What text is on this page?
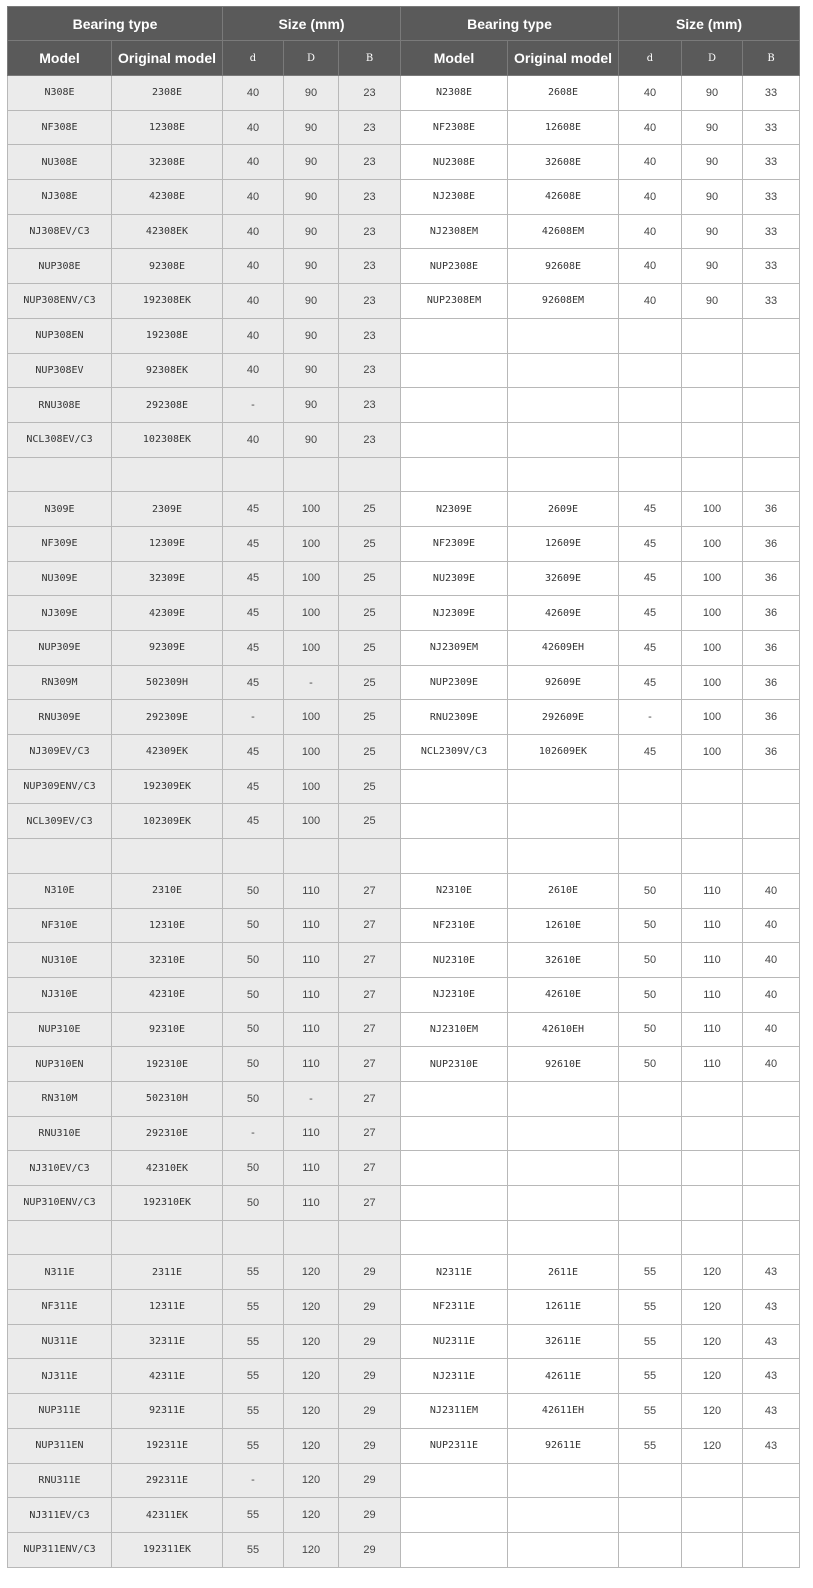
Bearing type		Size (mm)			Bearing type		Size (mm)		
Model	Original model	d	D	B	Model	Original model	d	D	B
N308E	2308E	40	90	23	N2308E	2608E	40	90	33
NF308E	12308E	40	90	23	NF2308E	12608E	40	90	33
NU308E	32308E	40	90	23	NU2308E	32608E	40	90	33
NJ308E	42308E	40	90	23	NJ2308E	42608E	40	90	33
NJ308EV/C3	42308EK	40	90	23	NJ2308EM	42608EM	40	90	33
NUP308E	92308E	40	90	23	NUP2308E	92608E	40	90	33
NUP308ENV/C3	192308EK	40	90	23	NUP2308EM	92608EM	40	90	33
NUP308EN	192308E	40	90	23					
NUP308EV	92308EK	40	90	23					
RNU308E	292308E	-	90	23					
NCL308EV/C3	102308EK	40	90	23					

N309E	2309E	45	100	25	N2309E	2609E	45	100	36
NF309E	12309E	45	100	25	NF2309E	12609E	45	100	36
NU309E	32309E	45	100	25	NU2309E	32609E	45	100	36
NJ309E	42309E	45	100	25	NJ2309E	42609E	45	100	36
NUP309E	92309E	45	100	25	NJ2309EM	42609EH	45	100	36
RN309M	502309H	45	-	25	NUP2309E	92609E	45	100	36
RNU309E	292309E	-	100	25	RNU2309E	292609E	-	100	36
NJ309EV/C3	42309EK	45	100	25	NCL2309V/C3	102609EK	45	100	36
NUP309ENV/C3	192309EK	45	100	25					
NCL309EV/C3	102309EK	45	100	25					

N310E	2310E	50	110	27	N2310E	2610E	50	110	40
NF310E	12310E	50	110	27	NF2310E	12610E	50	110	40
NU310E	32310E	50	110	27	NU2310E	32610E	50	110	40
NJ310E	42310E	50	110	27	NJ2310E	42610E	50	110	40
NUP310E	92310E	50	110	27	NJ2310EM	42610EH	50	110	40
NUP310EN	192310E	50	110	27	NUP2310E	92610E	50	110	40
RN310M	502310H	50	-	27					
RNU310E	292310E	-	110	27					
NJ310EV/C3	42310EK	50	110	27					
NUP310ENV/C3	192310EK	50	110	27					

N311E	2311E	55	120	29	N2311E	2611E	55	120	43
NF311E	12311E	55	120	29	NF2311E	12611E	55	120	43
NU311E	32311E	55	120	29	NU2311E	32611E	55	120	43
NJ311E	42311E	55	120	29	NJ2311E	42611E	55	120	43
NUP311E	92311E	55	120	29	NJ2311EM	42611EH	55	120	43
NUP311EN	192311E	55	120	29	NUP2311E	92611E	55	120	43
RNU311E	292311E	-	120	29					
NJ311EV/C3	42311EK	55	120	29					
NUP311ENV/C3	192311EK	55	120	29					
